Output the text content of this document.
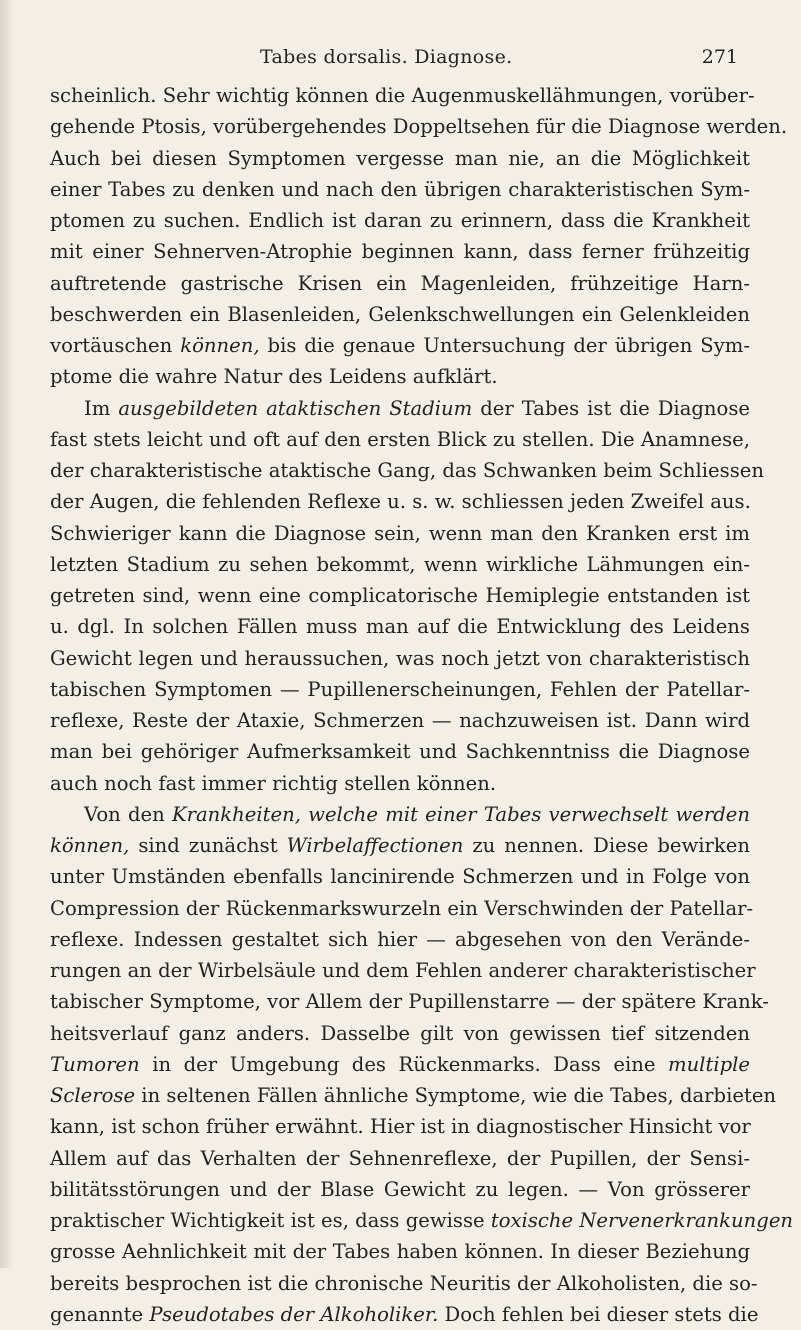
Tabes dorsalis. Diagnose.	271
scheinlich. Sehr wichtig können die Augenmuskellähmungen, vorüber-
gehende Ptosis, vorübergehendes Doppeltsehen für die Diagnose werden.
Auch bei diesen Symptomen vergesse man nie, an die Möglichkeit
einer Tabes zu denken und nach den übrigen charakteristischen Sym-
ptomen zu suchen. Endlich ist daran zu erinnern, dass die Krankheit
mit einer Sehnerven-Atrophie beginnen kann, dass ferner frühzeitig
auftretende gastrische Krisen ein Magenleiden, frühzeitige Harn-
beschwerden ein Blasenleiden, Gelenkschwellungen ein Gelenkleiden
vortäuschen können, bis die genaue Untersuchung der übrigen Sym-
ptome die wahre Natur des Leidens aufklärt.
Im ausgebildeten ataktischen Stadium der Tabes ist die Diagnose
fast stets leicht und oft auf den ersten Blick zu stellen. Die Anamnese,
der charakteristische ataktische Gang, das Schwanken beim Schliessen
der Augen, die fehlenden Reflexe u. s. w. schliessen jeden Zweifel aus.
Schwieriger kann die Diagnose sein, wenn man den Kranken erst im
letzten Stadium zu sehen bekommt, wenn wirkliche Lähmungen ein-
getreten sind, wenn eine complicatorische Hemiplegie entstanden ist
u. dgl. In solchen Fällen muss man auf die Entwicklung des Leidens
Gewicht legen und heraussuchen, was noch jetzt von charakteristisch
tabischen Symptomen — Pupillenerscheinungen, Fehlen der Patellar-
reflexe, Reste der Ataxie, Schmerzen — nachzuweisen ist. Dann wird
man bei gehöriger Aufmerksamkeit und Sachkenntniss die Diagnose
auch noch fast immer richtig stellen können.
Von den Krankheiten, welche mit einer Tabes verwechselt werden
können, sind zunächst Wirbelaffectionen zu nennen. Diese bewirken
unter Umständen ebenfalls lancinirende Schmerzen und in Folge von
Compression der Rückenmarkswurzeln ein Verschwinden der Patellar-
reflexe. Indessen gestaltet sich hier — abgesehen von den Verände-
rungen an der Wirbelsäule und dem Fehlen anderer charakteristischer
tabischer Symptome, vor Allem der Pupillenstarre — der spätere Krank-
heitsverlauf ganz anders. Dasselbe gilt von gewissen tief sitzenden
Tumoren in der Umgebung des Rückenmarks. Dass eine multiple
Sclerose in seltenen Fällen ähnliche Symptome, wie die Tabes, darbieten
kann, ist schon früher erwähnt. Hier ist in diagnostischer Hinsicht vor
Allem auf das Verhalten der Sehnenreflexe, der Pupillen, der Sensi-
bilitätsstörungen und der Blase Gewicht zu legen. — Von grösserer
praktischer Wichtigkeit ist es, dass gewisse toxische Nervenerkrankungen
grosse Aehnlichkeit mit der Tabes haben können. In dieser Beziehung
bereits besprochen ist die chronische Neuritis der Alkoholisten, die so-
genannte Pseudotabes der Alkoholiker. Doch fehlen bei dieser stets die
